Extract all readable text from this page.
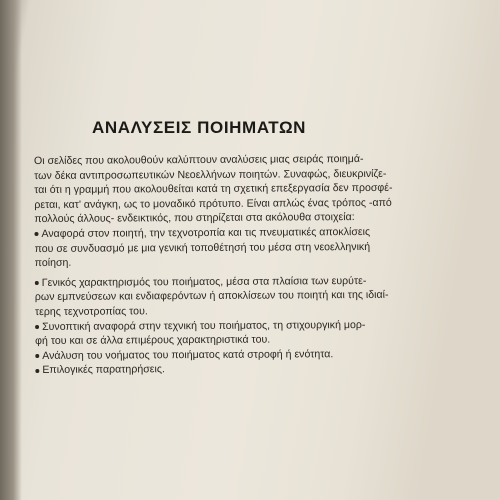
ΑΝΑΛΥΣΕΙΣ ΠΟΙΗΜΑΤΩΝ
Οι σελίδες που ακολουθούν καλύπτουν αναλύσεις μιας σειράς ποιημά-
των δέκα αντιπροσωπευτικών Νεοελλήνων ποιητών. Συναφώς, διευκρινίζε-
ται ότι η γραμμή που ακολουθείται κατά τη σχετική επεξεργασία δεν προσφέ-
ρεται, κατ' ανάγκη, ως το μοναδικό πρότυπο. Είναι απλώς ένας τρόπος -από
πολλούς άλλους- ενδεικτικός, που στηρίζεται στα ακόλουθα στοιχεία:
Αναφορά στον ποιητή, την τεχνοτροπία και τις πνευματικές αποκλίσεις
που σε συνδυασμό με μια γενική τοποθέτησή του μέσα στη νεοελληνική
ποίηση.
Γενικός χαρακτηρισμός του ποιήματος, μέσα στα πλαίσια των ευρύτε-
ρων εμπνεύσεων και ενδιαφερόντων ή αποκλίσεων του ποιητή και της ιδιαί-
τερης τεχνοτροπίας του.
Συνοπτική αναφορά στην τεχνική του ποιήματος, τη στιχουργική μορ-
φή του και σε άλλα επιμέρους χαρακτηριστικά του.
Ανάλυση του νοήματος του ποιήματος κατά στροφή ή ενότητα.
Επιλογικές παρατηρήσεις.
